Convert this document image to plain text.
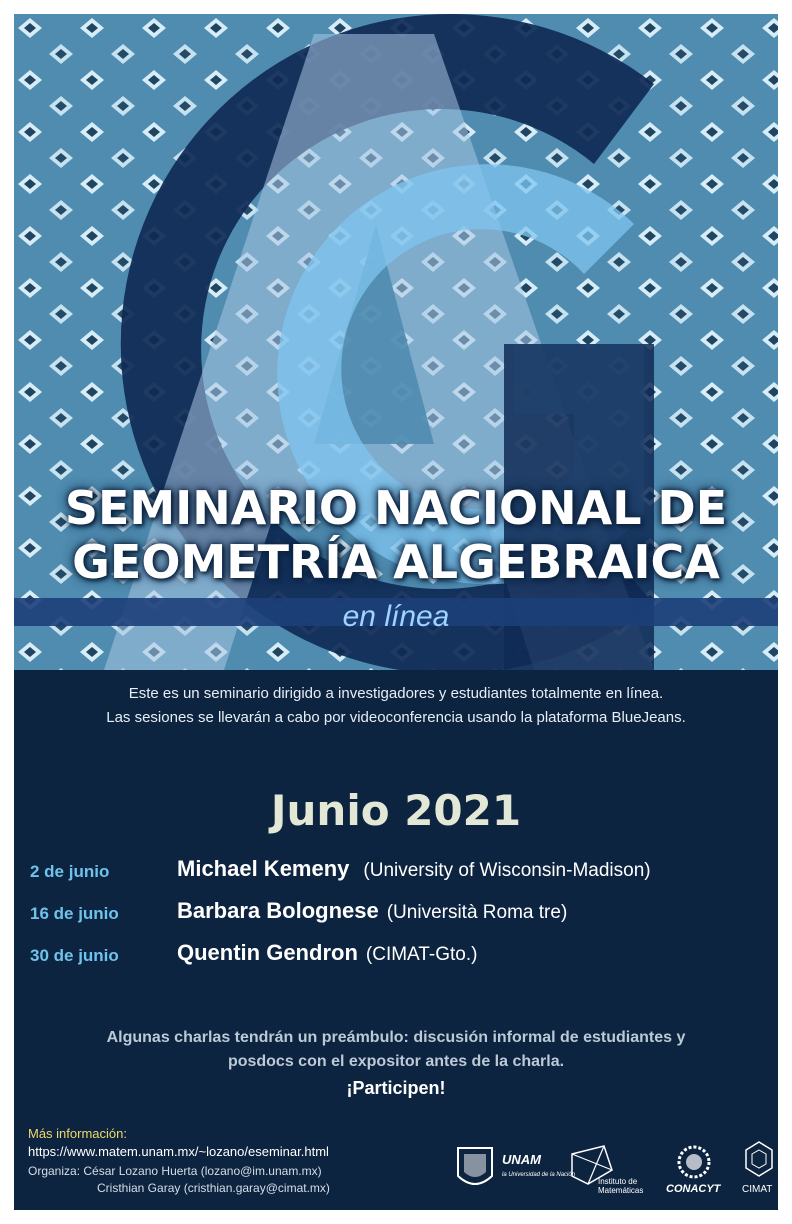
SEMINARIO NACIONAL DE
GEOMETRÍA ALGEBRAICA
en línea
Este es un seminario dirigido a investigadores y estudiantes totalmente en línea.
Las sesiones se llevarán a cabo por videoconferencia usando la plataforma BlueJeans.
Junio 2021
2 de junio	Michael Kemeny (University of Wisconsin-Madison)
16 de junio	Barbara Bolognese (Università Roma tre)
30 de junio	Quentin Gendron (CIMAT-Gto.)
Algunas charlas tendrán un preámbulo: discusión informal de estudiantes y
posdocs con el expositor antes de la charla.
¡Participen!
Más información:
https://www.matem.unam.mx/~lozano/eseminar.html
Organiza: César Lozano Huerta (lozano@im.unam.mx)
Cristhian Garay (cristhian.garay@cimat.mx)
UNAM
la Universidad de la Nación
Instituto de
Matemáticas CONACYT CIMAT
